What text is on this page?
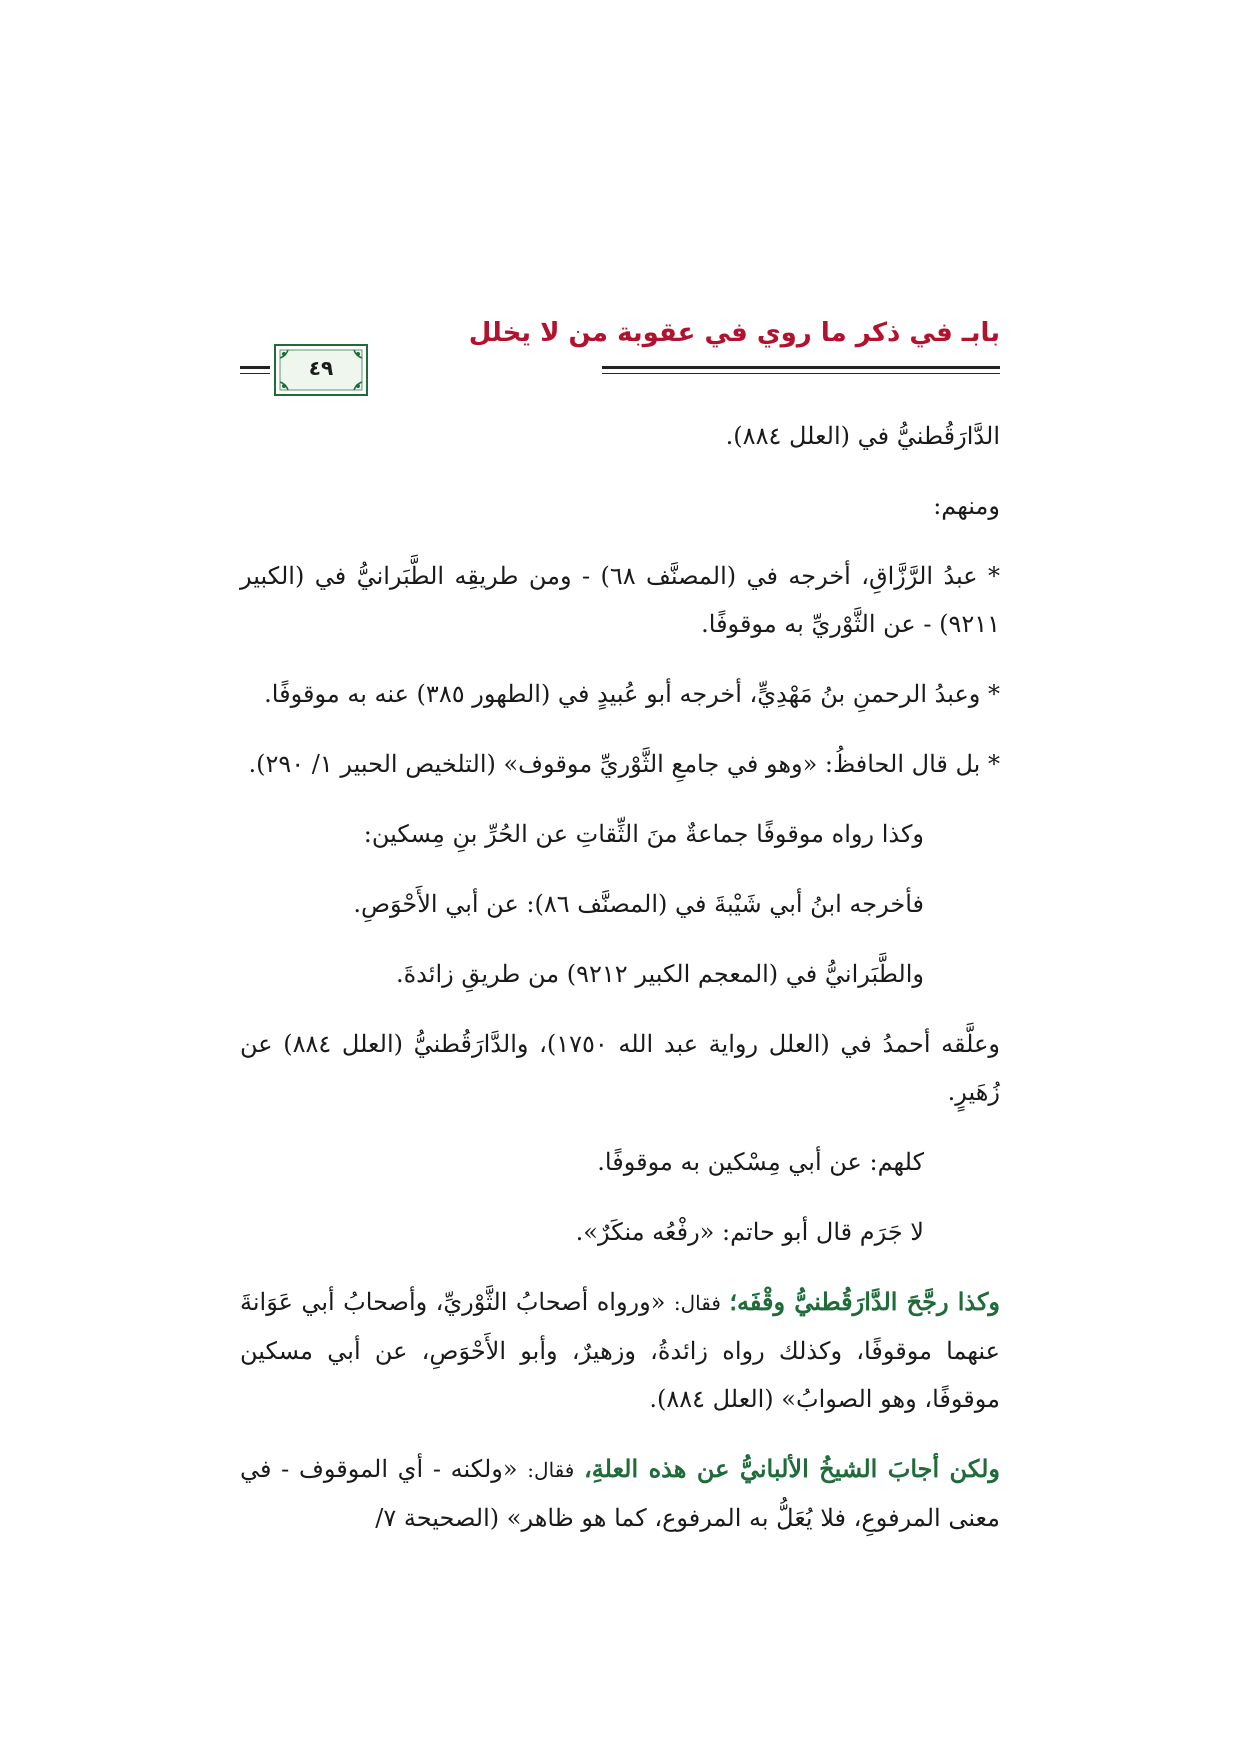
بابـ في ذكر ما روي في عقوبة من لا يخلل
٤٩

الدَّارَقُطنيُّ في (العلل ٨٨٤).

ومنهم:

* عبدُ الرَّزَّاقِ، أخرجه في (المصنَّف ٦٨) - ومن طريقِه الطَّبَرانيُّ في (الكبير ٩٢١١) - عن الثَّوْريِّ به موقوفًا.

* وعبدُ الرحمنِ بنُ مَهْدِيٍّ، أخرجه أبو عُبيدٍ في (الطهور ٣٨٥) عنه به موقوفًا.

* بل قال الحافظُ: «وهو في جامعِ الثَّوْريِّ موقوف» (التلخيص الحبير ١/ ٢٩٠).

وكذا رواه موقوفًا جماعةٌ منَ الثِّقاتِ عن الحُرِّ بنِ مِسكين:

فأخرجه ابنُ أبي شَيْبةَ في (المصنَّف ٨٦): عن أبي الأَحْوَصِ.

والطَّبَرانيُّ في (المعجم الكبير ٩٢١٢) من طريقِ زائدةَ.

وعلَّقه أحمدُ في (العلل رواية عبد الله ١٧٥٠)، والدَّارَقُطنيُّ (العلل ٨٨٤) عن زُهَيرٍ.

كلهم: عن أبي مِسْكين به موقوفًا.

لا جَرَم قال أبو حاتم: «رفْعُه منكَرٌ».

وكذا رجَّحَ الدَّارَقُطنيُّ وقْفَه؛ فقال: «ورواه أصحابُ الثَّوْريِّ، وأصحابُ أبي عَوَانةَ عنهما موقوفًا، وكذلك رواه زائدةُ، وزهيرٌ، وأبو الأَحْوَصِ، عن أبي مسكين موقوفًا، وهو الصوابُ» (العلل ٨٨٤).

ولكن أجابَ الشيخُ الألبانيُّ عن هذه العلةِ، فقال: «ولكنه - أي الموقوف - في معنى المرفوعِ، فلا يُعَلُّ به المرفوع، كما هو ظاهر» (الصحيحة ٧/
